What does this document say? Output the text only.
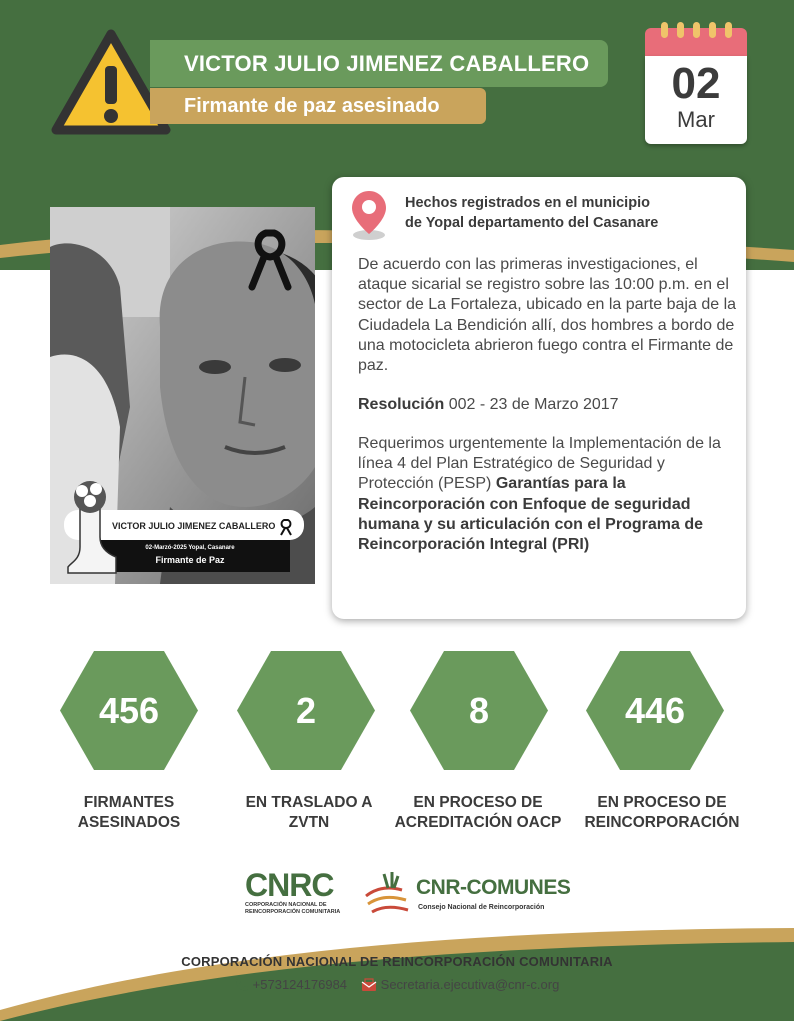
VICTOR JULIO JIMENEZ CABALLERO
Firmante de paz asesinado	02
Mar
VICTOR JULIO JIMENEZ CABALLERO
02-Marzó-2025 Yopal, Casanare
Firmante de Paz
Hechos registrados en el municipio
de Yopal departamento del Casanare
De acuerdo con las primeras investigaciones, el ataque sicarial se registro sobre las 10:00 p.m. en el sector de La Fortaleza, ubicado en la parte baja de la Ciudadela La Bendición allí, dos hombres a bordo de una motocicleta abrieron fuego contra el Firmante de paz.
Resolución 002 - 23 de Marzo 2017
Requerimos urgentemente la Implementación de la línea 4 del Plan Estratégico de Seguridad y Protección (PESP) Garantías para la Reincorporación con Enfoque de seguridad humana y su articulación con el Programa de Reincorporación Integral (PRI)
456	2	8	446
FIRMANTES ASESINADOS
EN TRASLADO A ZVTN
EN PROCESO DE ACREDITACIÓN OACP
EN PROCESO DE REINCORPORACIÓN
CNRC
CORPORACIÓN NACIONAL DE
REINCORPORACIÓN COMUNITARIA
CNR-COMUNES
Consejo Nacional de Reincorporación
CORPORACIÓN NACIONAL DE REINCORPORACIÓN COMUNITARIA
+573124176984	Secretaria.ejecutiva@cnr-c.org
